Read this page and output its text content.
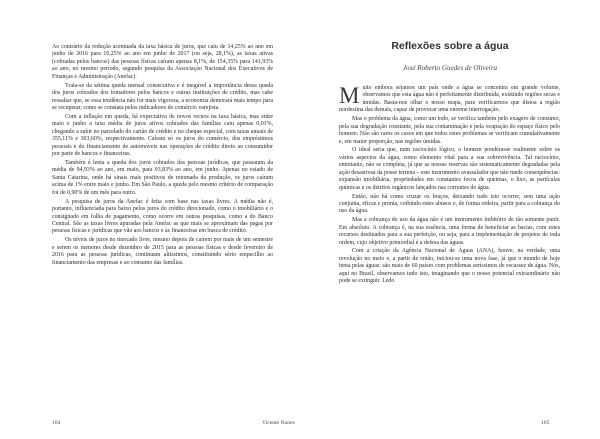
Ao contrário da redução acentuada da taxa básica de juros, que caiu de 14,25% ao ano em junho de 2016 para 10,25% ao ano em junho de 2017 (ou seja, 28,1%), as taxas ativas (cobradas pelos bancos) das pessoas físicas caíram apenas 8,1%, de 154,35% para 141,93% ao ano, no mesmo período, segundo pesquisa da Associação Nacional dos Executivos de Finanças e Administração (Anefac).

Trata-se da sétima queda mensal consecutiva e é inegável a importância dessa queda dos juros cobrados dos tomadores pelos bancos e outras instituições de crédito, mas cabe ressaltar que, se essa tendência não for mais vigorosa, a economia demorará mais tempo para se recuperar, como se constata pelos indicadores do comércio varejista.

Com a inflação em queda, há expectativa de novos recuos na taxa básica, mas entre maio e junho a taxa média de juros ativos cobrados das famílias caiu apenas 0,01%, chegando a subir no parcelado do cartão de crédito e no cheque especial, com taxas anuais de 355,11% e 303,60%, respectivamente. Caíram só os juros do comércio, dos empréstimos pessoais e do financiamento de automóveis nas operações de crédito direto ao consumidor por parte de bancos e financeiras.

Também é lenta a queda dos juros cobrados das pessoas jurídicas, que passaram da média de 94,93% ao ano, em maio, para 93,83% ao ano, em junho. Apenas no estado de Santa Catarina, onde há sinais mais positivos de retomada da produção, os juros caíram acima de 1% entre maio e junho. Em São Paulo, a queda pelo mesmo critério de comparação foi de 0,90% de um mês para outro.

A pesquisa de juros da Anefac é feita com base nas taxas livres. A média não é, portanto, influenciada para baixo pelos juros do crédito direcionado, como o imobiliário e o consignado em folha de pagamento, como ocorre em outras pesquisas, como a do Banco Central. São as taxas livres apuradas pela Anefac as que mais se aproximam das pagas por pessoas físicas e jurídicas que vão aos bancos e às financeiras em busca de crédito.

Os níveis de juros no mercado livre, mesmo depois de caírem por mais de um semestre e serem os menores desde dezembro de 2015 para as pessoas físicas e desde fevereiro de 2016 para as pessoas jurídicas, continuam altíssimos, constituindo sério empecilho ao financiamento das empresas e ao consumo das famílias.

104	Vicente Nunes
Reflexões sobre a água
José Roberto Guedes de Oliveira

Muito embora sejamos um país onde a água se concentra em grande volume, observamos que esta água não é perfeitamente distribuída, existindo regiões secas e úmidas. Basta-nos olhar o nosso mapa, para verificarmos que distoa a região nordestina das demais, capaz de provocar uma enorme interrogação.

Mas o problema da água, como um todo, se verifica também pelo exagero de consumo, pela sua degradação constante, pela sua contaminação e pela ocupação do espaço físico pelo homem. Não são raros os casos em que todos estes problemas se verificam cumulativamente e, em maior proporção, nas regiões úmidas.

O ideal seria que, num raciocínio lógico, o homem pondérasse realmente sobre os vários aspectos da água, como elemento vital para a sua sobrevivência. Tal raciocínio, entretanto, não se completa, já que as nossas reservas são sistematicamente degradadas pela ação desastrosa da posse terrena – este instrumento avassalador que não mede consequências: expansão imobiliária, propriedades em constantes focos de queimas, o lixo, as partículas químicas e os detritos orgânicos lançados nas correntes de água.

Então, não há como cruzar os braços, deixando tudo isto ocorrer, sem uma ação conjunta, eficaz e pronta, coibindo estes abusos e, de forma ordeira, partir para a cobrança do uso da água.

Mas a cobrança do uso da água não é um instrumento inibitório de tão somente punir. Em absoluto. A cobrança é, na sua essência, uma forma de beneficiar as bacias, com estes recursos destinados para a sua perfeição, ou seja, para a implementação de projetos de toda ordem, cujo objetivo primordial é a defesa das águas.

Com a criação da Agência Nacional de Águas (ANA), houve, na verdade, uma revolução no meio e, a partir de então, iniciou-se uma nova fase, já que o mundo de hoje tenta pelas águas: são mais de 60 países com problemas seríssimos de escassez de água. Nós, aqui no Brasil, observamos tudo isto, imaginando que o nosso potencial extraordinário não pode se extinguir. Ledo

105
